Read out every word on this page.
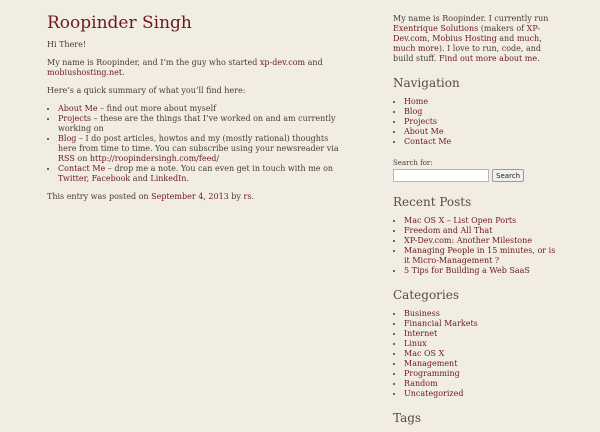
Roopinder Singh

Hi There!

My name is Roopinder, and I’m the guy who started xp-dev.com and mobiushosting.net.

Here’s a quick summary of what you’ll find here:

• About Me – find out more about myself
• Projects – these are the things that I’ve worked on and am currently working on
• Blog – I do post articles, howtos and my (mostly rational) thoughts here from time to time. You can subscribe using your newsreader via RSS on http://roopindersingh.com/feed/
• Contact Me – drop me a note. You can even get in touch with me on Twitter, Facebook and LinkedIn.

This entry was posted on September 4, 2013 by rs.

My name is Roopinder. I currently run Exentrique Solutions (makers of XP-Dev.com, Mobius Hosting and much, much more). I love to run, code, and build stuff. Find out more about me.

Navigation
• Home
• Blog
• Projects
• About Me
• Contact Me
Search for:
Search
Recent Posts
• Mac OS X – List Open Ports
• Freedom and All That
• XP-Dev.com: Another Milestone
• Managing People in 15 minutes, or is it Micro-Management ?
• 5 Tips for Building a Web SaaS
Categories
• Business
• Financial Markets
• Internet
• Linux
• Mac OS X
• Management
• Programming
• Random
• Uncategorized
Tags
